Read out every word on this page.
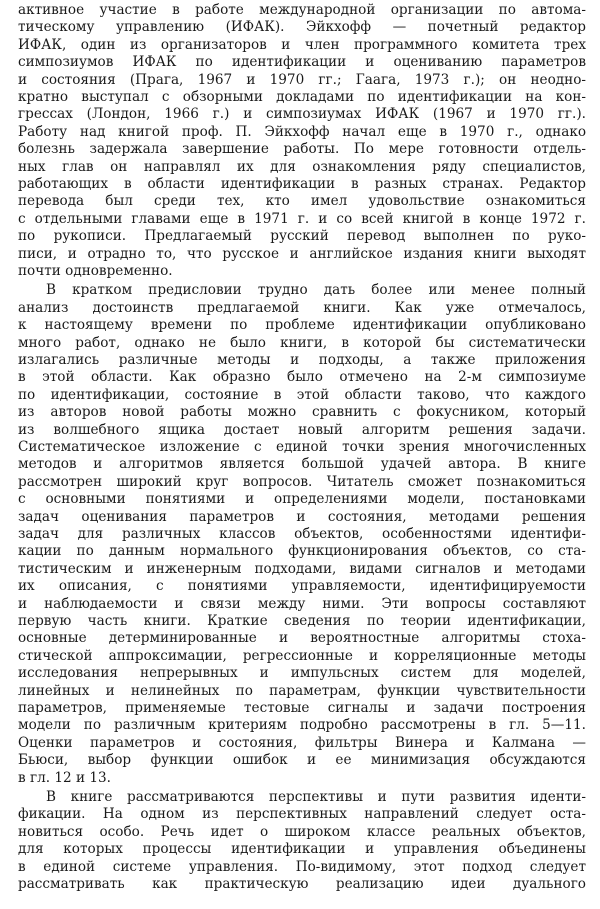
активное участие в работе международной организации по автома-
тическому управлению (ИФАК). Эйкхофф — почетный редактор
ИФАК, один из организаторов и член программного комитета трех
симпозиумов ИФАК по идентификации и оцениванию параметров
и состояния (Прага, 1967 и 1970 гг.; Гаага, 1973 г.); он неодно-
кратно выступал с обзорными докладами по идентификации на кон-
грессах (Лондон, 1966 г.) и симпозиумах ИФАК (1967 и 1970 гг.).
Работу над книгой проф. П. Эйкхофф начал еще в 1970 г., однако
болезнь задержала завершение работы. По мере готовности отдель-
ных глав он направлял их для ознакомления ряду специалистов,
работающих в области идентификации в разных странах. Редактор
перевода был среди тех, кто имел удовольствие ознакомиться
с отдельными главами еще в 1971 г. и со всей книгой в конце 1972 г.
по рукописи. Предлагаемый русский перевод выполнен по руко-
писи, и отрадно то, что русское и английское издания книги выходят
почти одновременно.
В кратком предисловии трудно дать более или менее полный
анализ достоинств предлагаемой книги. Как уже отмечалось,
к настоящему времени по проблеме идентификации опубликовано
много работ, однако не было книги, в которой бы систематически
излагались различные методы и подходы, а также приложения
в этой области. Как образно было отмечено на 2-м симпозиуме
по идентификации, состояние в этой области таково, что каждого
из авторов новой работы можно сравнить с фокусником, который
из волшебного ящика достает новый алгоритм решения задачи.
Систематическое изложение с единой точки зрения многочисленных
методов и алгоритмов является большой удачей автора. В книге
рассмотрен широкий круг вопросов. Читатель сможет познакомиться
с основными понятиями и определениями модели, постановками
задач оценивания параметров и состояния, методами решения
задач для различных классов объектов, особенностями идентифи-
кации по данным нормального функционирования объектов, со ста-
тистическим и инженерным подходами, видами сигналов и методами
их описания, с понятиями управляемости, идентифицируемости
и наблюдаемости и связи между ними. Эти вопросы составляют
первую часть книги. Краткие сведения по теории идентификации,
основные детерминированные и вероятностные алгоритмы стоха-
стической аппроксимации, регрессионные и корреляционные методы
исследования непрерывных и импульсных систем для моделей,
линейных и нелинейных по параметрам, функции чувствительности
параметров, применяемые тестовые сигналы и задачи построения
модели по различным критериям подробно рассмотрены в гл. 5—11.
Оценки параметров и состояния, фильтры Винера и Калмана —
Бьюси, выбор функции ошибок и ее минимизация обсуждаются
в гл. 12 и 13.
В книге рассматриваются перспективы и пути развития иденти-
фикации. На одном из перспективных направлений следует оста-
новиться особо. Речь идет о широком классе реальных объектов,
для которых процессы идентификации и управления объединены
в единой системе управления. По-видимому, этот подход следует
рассматривать как практическую реализацию идеи дуального
